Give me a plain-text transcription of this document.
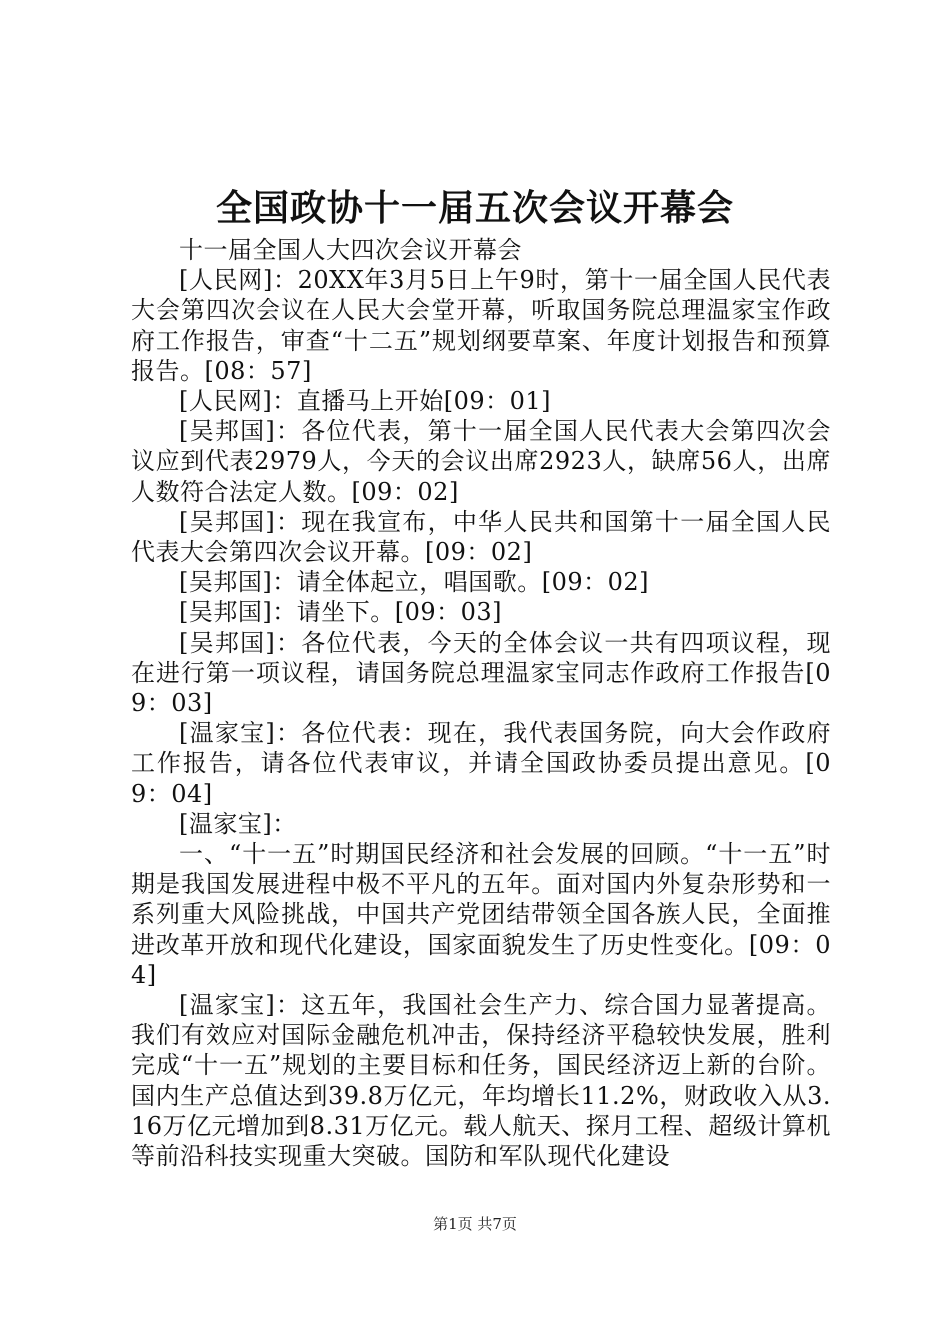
全国政协十一届五次会议开幕会

十一届全国人大四次会议开幕会

[人民网]：20XX年3月5日上午9时，第十一届全国人民代表大会第四次会议在人民大会堂开幕，听取国务院总理温家宝作政府工作报告，审查“十二五”规划纲要草案、年度计划报告和预算报告。[08：57]

[人民网]：直播马上开始[09：01]

[吴邦国]：各位代表，第十一届全国人民代表大会第四次会议应到代表2979人，今天的会议出席2923人，缺席56人，出席人数符合法定人数。[09：02]

[吴邦国]：现在我宣布，中华人民共和国第十一届全国人民代表大会第四次会议开幕。[09：02]

[吴邦国]：请全体起立，唱国歌。[09：02]

[吴邦国]：请坐下。[09：03]

[吴邦国]：各位代表，今天的全体会议一共有四项议程，现在进行第一项议程，请国务院总理温家宝同志作政府工作报告[09：03]

[温家宝]：各位代表：现在，我代表国务院，向大会作政府工作报告，请各位代表审议，并请全国政协委员提出意见。[09：04]

[温家宝]：

一、“十一五”时期国民经济和社会发展的回顾。“十一五”时期是我国发展进程中极不平凡的五年。面对国内外复杂形势和一系列重大风险挑战，中国共产党团结带领全国各族人民，全面推进改革开放和现代化建设，国家面貌发生了历史性变化。[09：04]

[温家宝]：这五年，我国社会生产力、综合国力显著提高。我们有效应对国际金融危机冲击，保持经济平稳较快发展，胜利完成“十一五”规划的主要目标和任务，国民经济迈上新的台阶。国内生产总值达到39.8万亿元，年均增长11.2%，财政收入从3.16万亿元增加到8.31万亿元。载人航天、探月工程、超级计算机等前沿科技实现重大突破。国防和军队现代化建设

第1页 共7页
